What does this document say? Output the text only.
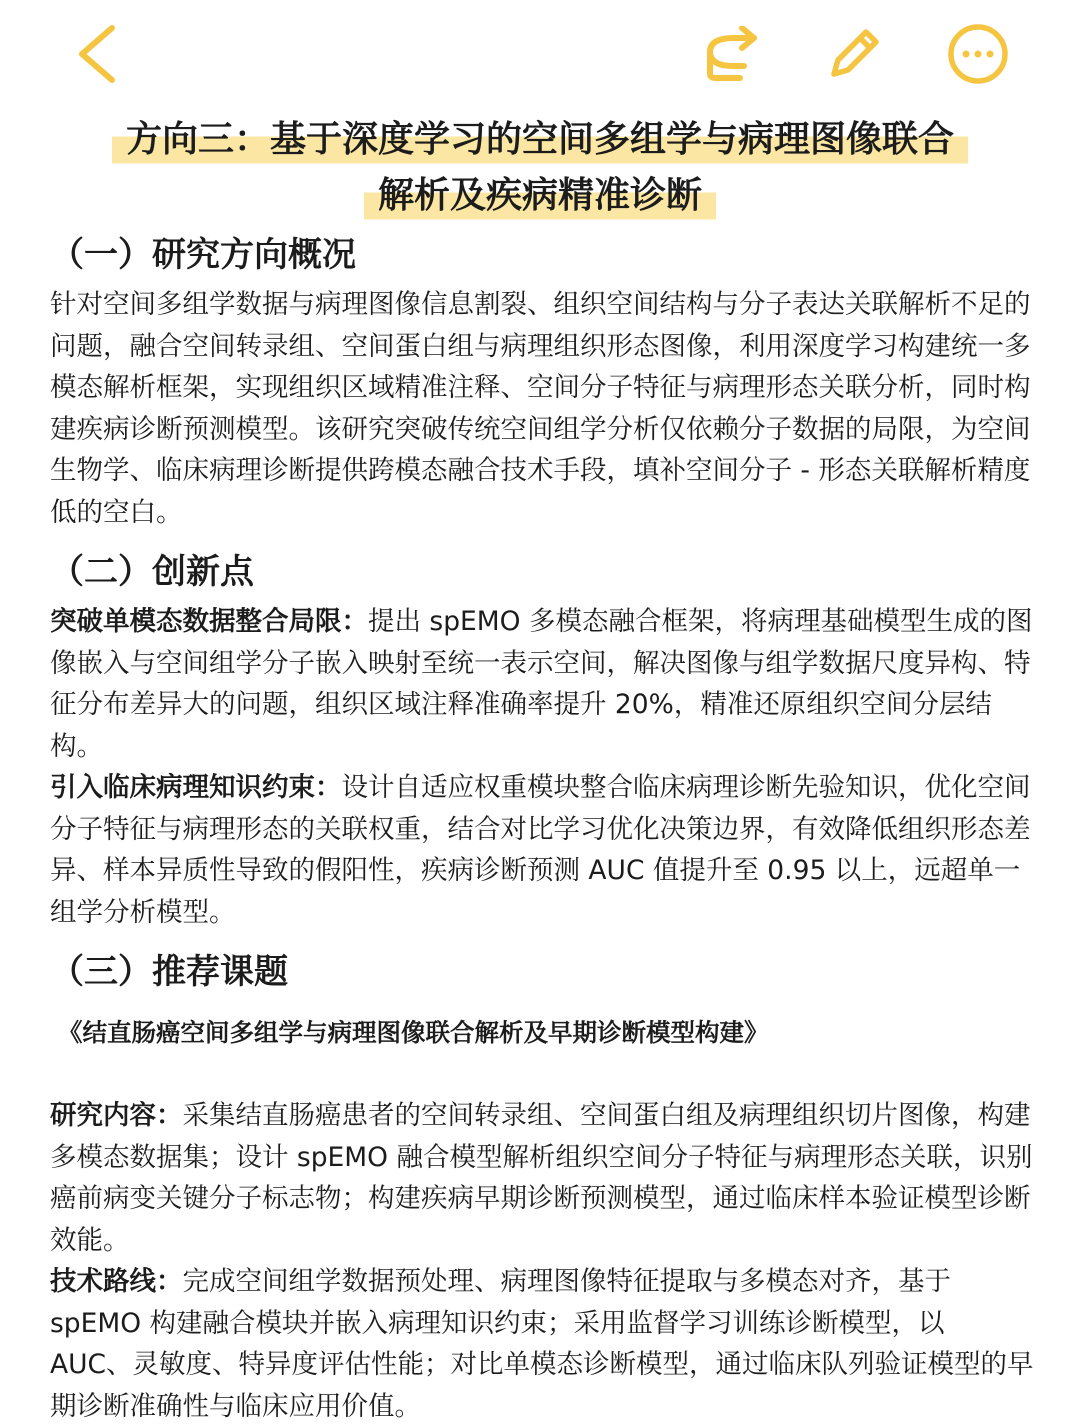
方向三：基于深度学习的空间多组学与病理图像联合
解析及疾病精准诊断
（一）研究方向概况

针对空间多组学数据与病理图像信息割裂、组织空间结构与分子表达关联解析不足的问题，融合空间转录组、空间蛋白组与病理组织形态图像，利用深度学习构建统一多模态解析框架，实现组织区域精准注释、空间分子特征与病理形态关联分析，同时构建疾病诊断预测模型。该研究突破传统空间组学分析仅依赖分子数据的局限，为空间生物学、临床病理诊断提供跨模态融合技术手段，填补空间分子 - 形态关联解析精度低的空白。

（二）创新点

突破单模态数据整合局限：提出 spEMO 多模态融合框架，将病理基础模型生成的图像嵌入与空间组学分子嵌入映射至统一表示空间，解决图像与组学数据尺度异构、特征分布差异大的问题，组织区域注释准确率提升 20%，精准还原组织空间分层结构。

引入临床病理知识约束：设计自适应权重模块整合临床病理诊断先验知识，优化空间分子特征与病理形态的关联权重，结合对比学习优化决策边界，有效降低组织形态差异、样本异质性导致的假阳性，疾病诊断预测 AUC 值提升至 0.95 以上，远超单一组学分析模型。

（三）推荐课题
《结直肠癌空间多组学与病理图像联合解析及早期诊断模型构建》

研究内容：采集结直肠癌患者的空间转录组、空间蛋白组及病理组织切片图像，构建多模态数据集；设计 spEMO 融合模型解析组织空间分子特征与病理形态关联，识别癌前病变关键分子标志物；构建疾病早期诊断预测模型，通过临床样本验证模型诊断效能。

技术路线：完成空间组学数据预处理、病理图像特征提取与多模态对齐，基于 spEMO 构建融合模块并嵌入病理知识约束；采用监督学习训练诊断模型，以 AUC、灵敏度、特异度评估性能；对比单模态诊断模型，通过临床队列验证模型的早期诊断准确性与临床应用价值。
